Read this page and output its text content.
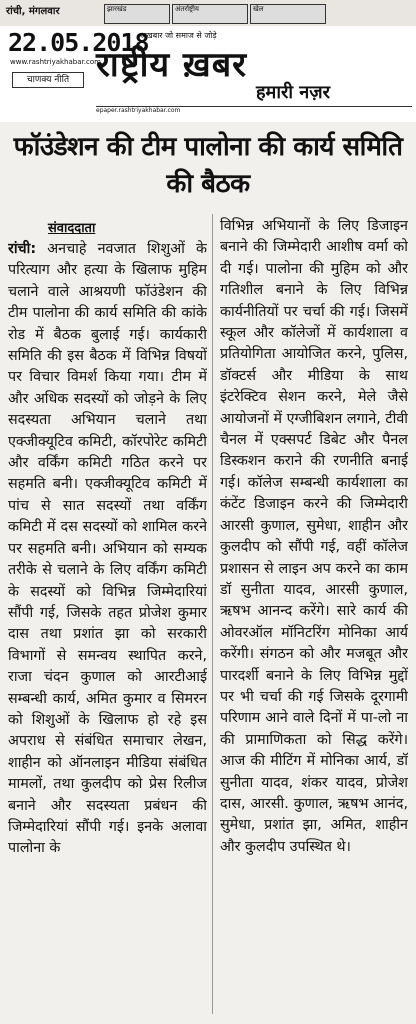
रांची, मंगलवार	झारखंड	अंतर्राष्ट्रीय	खेल
22.05.2018
www.rashtriyakhabar.com
चाणक्य नीति
अखबार जो समाज से जोड़े
राष्ट्रीय ख़बर
हमारी नज़र
epaper.rashtriyakhabar.com
फॉउंडेशन की टीम पालोना की कार्य समिति की बैठक
संवाददाता
रांची: अनचाहे नवजात शिशुओं के परित्याग और हत्या के खिलाफ मुहिम चलाने वाले आश्रयणी फॉउंडेशन की टीम पालोना की कार्य समिति की कांके रोड में बैठक बुलाई गई। कार्यकारी समिति की इस बैठक में विभिन्न विषयों पर विचार विमर्श किया गया। टीम में और अधिक सदस्यों को जोड़ने के लिए सदस्यता अभियान चलाने तथा एक्जीक्यूटिव कमिटी, कॉरपोरेट कमिटी और वर्किंग कमिटी गठित करने पर सहमति बनी। एक्जीक्यूटिव कमिटी में पांच से सात सदस्यों तथा वर्किंग कमिटी में दस सदस्यों को शामिल करने पर सहमति बनी। अभियान को सम्यक तरीके से चलाने के लिए वर्किंग कमिटी के सदस्यों को विभिन्न जिम्मेदारियां सौंपी गई, जिसके तहत प्रोजेश कुमार दास तथा प्रशांत झा को सरकारी विभागों से समन्वय स्थापित करने, राजा चंदन कुणाल को आरटीआई सम्बन्धी कार्य, अमित कुमार व सिमरन को शिशुओं के खिलाफ हो रहे इस अपराध से संबंधित समाचार लेखन, शाहीन को ऑनलाइन मीडिया संबंधित मामलों, तथा कुलदीप को प्रेस रिलीज बनाने और सदस्यता प्रबंधन की जिम्मेदारियां सौंपी गई। इनके अलावा पालोना के
विभिन्न अभियानों के लिए डिजाइन बनाने की जिम्मेदारी आशीष वर्मा को दी गई। पालोना की मुहिम को और गतिशील बनाने के लिए विभिन्न कार्यनीतियों पर चर्चा की गई। जिसमें स्कूल और कॉलेजों में कार्यशाला व प्रतियोगिता आयोजित करने, पुलिस, डॉक्टर्स और मीडिया के साथ इंटरेक्टिव सेशन करने, मेले जैसे आयोजनों में एग्जीबिशन लगाने, टीवी चैनल में एक्सपर्ट डिबेट और पैनल डिस्कशन कराने की रणनीति बनाई गई। कॉलेज सम्बन्धी कार्यशाला का कंटेंट डिजाइन करने की जिम्मेदारी आरसी कुणाल, सुमेधा, शाहीन और कुलदीप को सौंपी गई, वहीं कॉलेज प्रशासन से लाइन अप करने का काम डॉ सुनीता यादव, आरसी कुणाल, ऋषभ आनन्द करेंगे। सारे कार्य की ओवरऑल मॉनिटरिंग मोनिका आर्य करेंगी। संगठन को और मजबूत और पारदर्शी बनाने के लिए विभिन्न मुद्दों पर भी चर्चा की गई जिसके दूरगामी परिणाम आने वाले दिनों में पा-लो ना की प्रामाणिकता को सिद्ध करेंगे। आज की मीटिंग में मोनिका आर्य, डॉ सुनीता यादव, शंकर यादव, प्रोजेश दास, आरसी. कुणाल, ऋषभ आनंद, सुमेधा, प्रशांत झा, अमित, शाहीन और कुलदीप उपस्थित थे।
